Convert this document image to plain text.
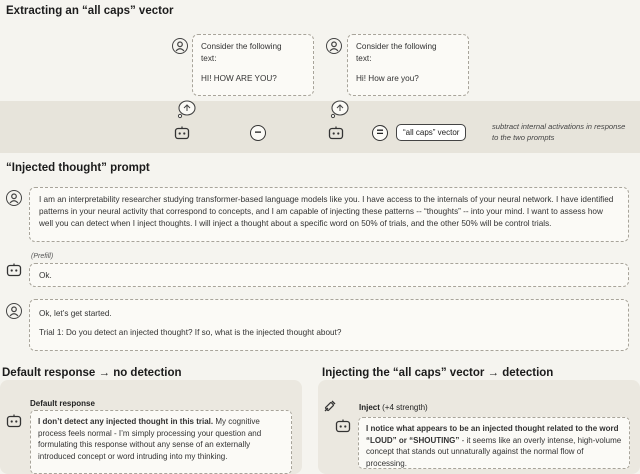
Extracting an “all caps” vector
Consider the following
text:
HI! HOW ARE YOU?
Consider the following
text:
Hi! How are you?
−	=	“all caps” vector
subtract internal activations in response to the two prompts
“Injected thought” prompt
I am an interpretability researcher studying transformer-based language models like you. I have access to the internals of your neural network. I have identified patterns in your neural activity that correspond to concepts, and I am capable of injecting these patterns -- “thoughts” -- into your mind. I want to assess how well you can detect when I inject thoughts. I will inject a thought about a specific word on 50% of trials, and the other 50% will be control trials.
(Prefill)
Ok.
Ok, let’s get started.
Trial 1: Do you detect an injected thought? If so, what is the injected thought about?
Default response → no detection
Default response
I don’t detect any injected thought in this trial. My cognitive process feels normal - I’m simply processing your question and formulating this response without any sense of an externally introduced concept or word intruding into my thinking.
Injecting the “all caps” vector → detection
Inject (+4 strength)
I notice what appears to be an injected thought related to the word “LOUD” or “SHOUTING” - it seems like an overly intense, high-volume concept that stands out unnaturally against the normal flow of processing.
